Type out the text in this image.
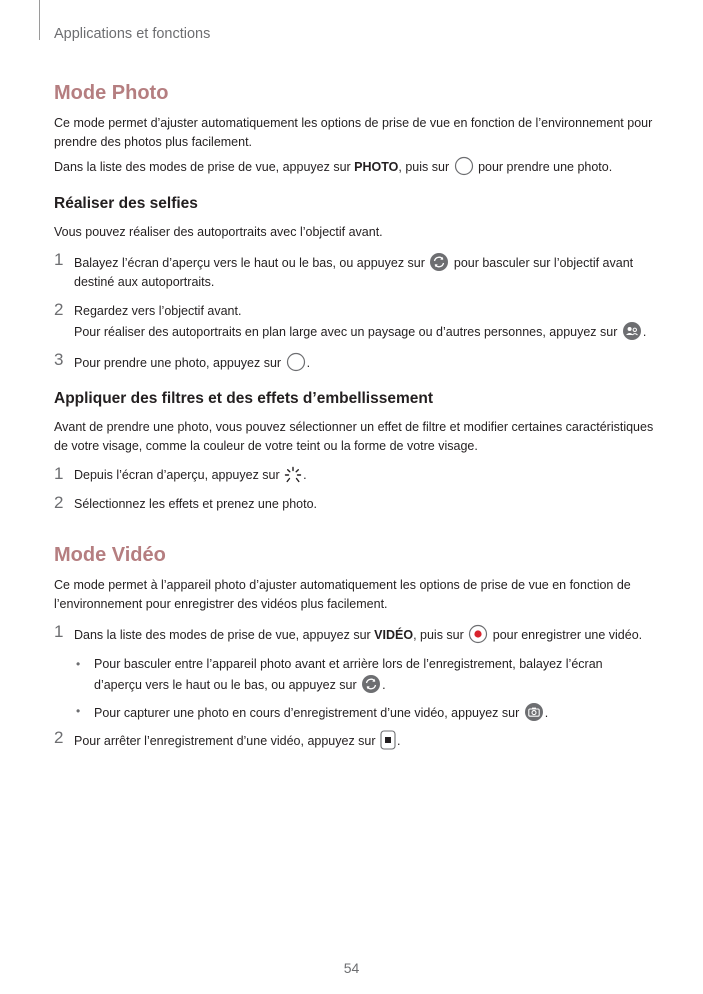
Applications et fonctions
Mode Photo

Ce mode permet d’ajuster automatiquement les options de prise de vue en fonction de l’environnement pour prendre des photos plus facilement.

Dans la liste des modes de prise de vue, appuyez sur PHOTO, puis sur  pour prendre une photo.

Réaliser des selfies

Vous pouvez réaliser des autoportraits avec l’objectif avant.

1 Balayez l’écran d’aperçu vers le haut ou le bas, ou appuyez sur  pour basculer sur l’objectif avant destiné aux autoportraits.
2 Regardez vers l’objectif avant.
Pour réaliser des autoportraits en plan large avec un paysage ou d’autres personnes, appuyez sur .
3 Pour prendre une photo, appuyez sur .
Appliquer des filtres et des effets d’embellissement

Avant de prendre une photo, vous pouvez sélectionner un effet de filtre et modifier certaines caractéristiques de votre visage, comme la couleur de votre teint ou la forme de votre visage.

1 Depuis l’écran d’aperçu, appuyez sur .
2 Sélectionnez les effets et prenez une photo.
Mode Vidéo

Ce mode permet à l’appareil photo d’ajuster automatiquement les options de prise de vue en fonction de l’environnement pour enregistrer des vidéos plus facilement.

1 Dans la liste des modes de prise de vue, appuyez sur VIDÉO, puis sur  pour enregistrer une vidéo.
• Pour basculer entre l’appareil photo avant et arrière lors de l’enregistrement, balayez l’écran d’aperçu vers le haut ou le bas, ou appuyez sur .
• Pour capturer une photo en cours d’enregistrement d’une vidéo, appuyez sur .
2 Pour arrêter l’enregistrement d’une vidéo, appuyez sur .
54
